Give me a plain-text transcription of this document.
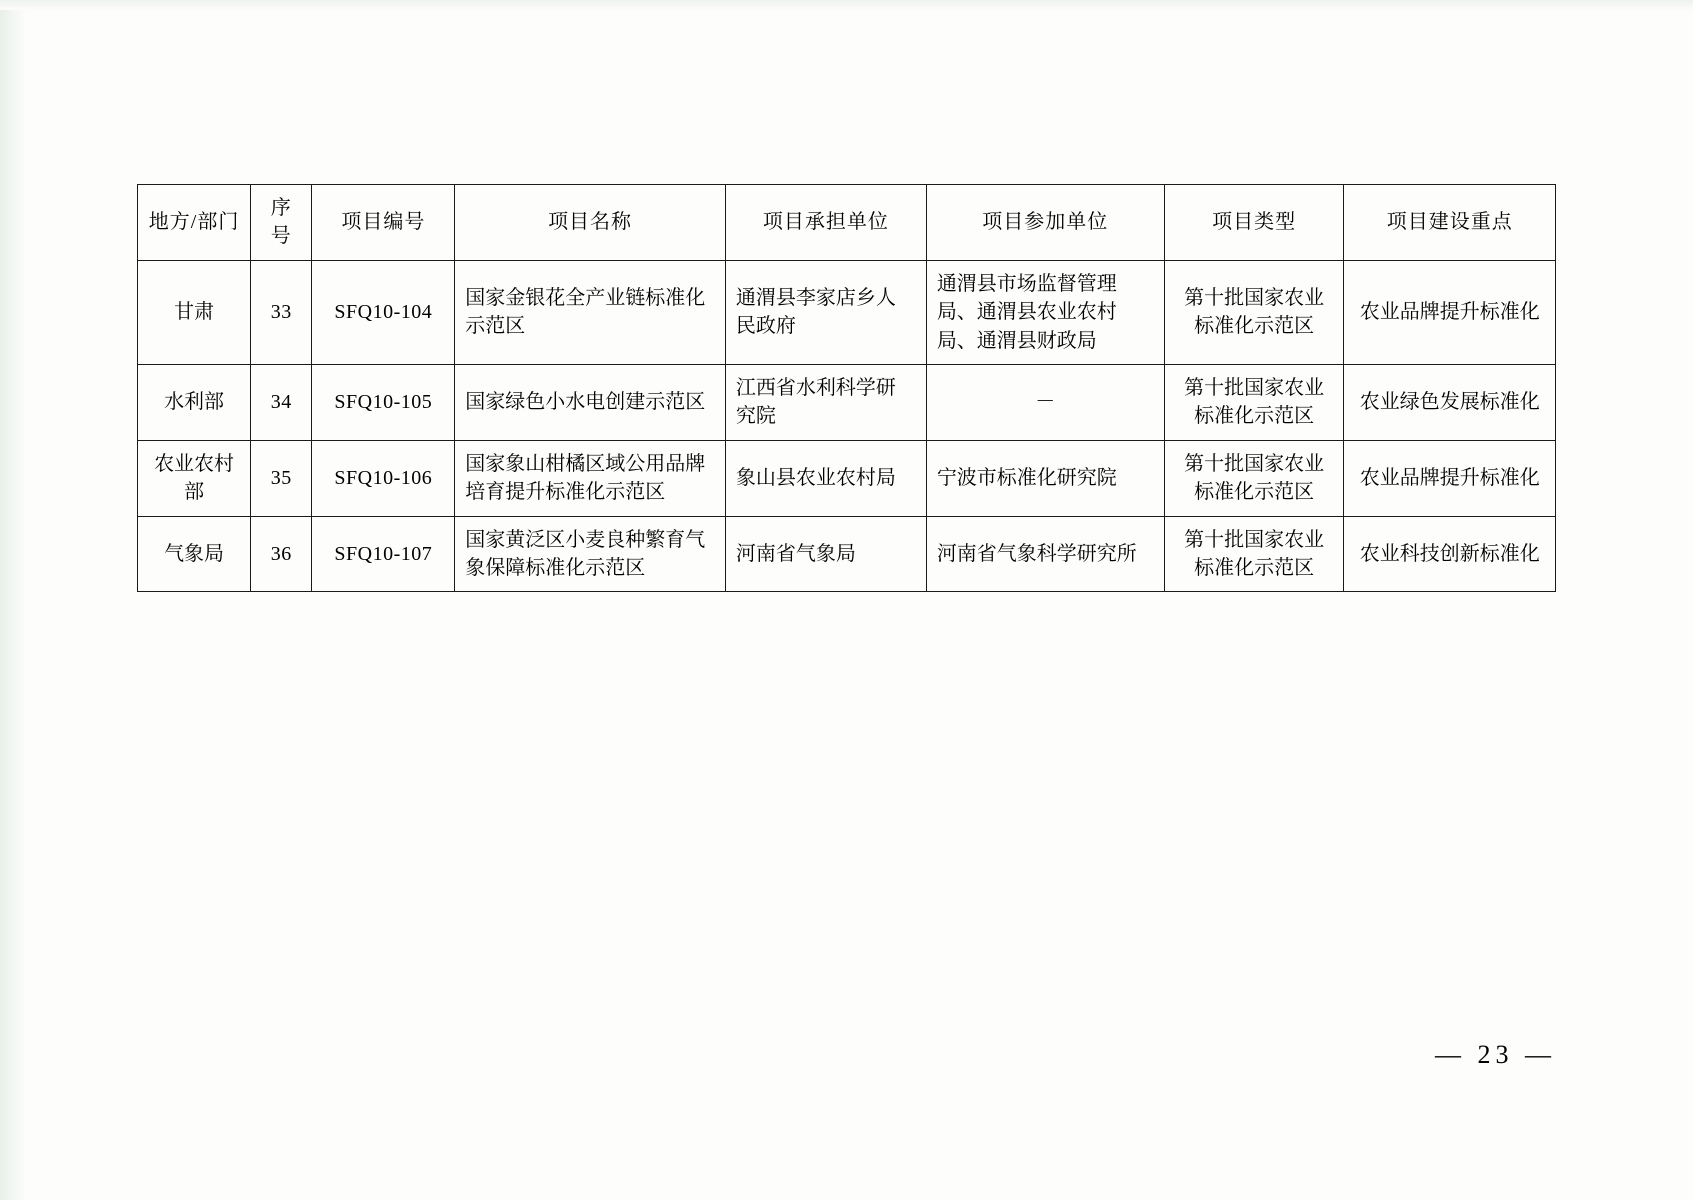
地方/部门	序号	项目编号	项目名称	项目承担单位	项目参加单位	项目类型	项目建设重点
甘肃	33	SFQ10-104	国家金银花全产业链标准化示范区	通渭县李家店乡人民政府	通渭县市场监督管理局、通渭县农业农村局、通渭县财政局	第十批国家农业标准化示范区	农业品牌提升标准化
水利部	34	SFQ10-105	国家绿色小水电创建示范区	江西省水利科学研究院	－	第十批国家农业标准化示范区	农业绿色发展标准化
农业农村部	35	SFQ10-106	国家象山柑橘区域公用品牌培育提升标准化示范区	象山县农业农村局	宁波市标准化研究院	第十批国家农业标准化示范区	农业品牌提升标准化
气象局	36	SFQ10-107	国家黄泛区小麦良种繁育气象保障标准化示范区	河南省气象局	河南省气象科学研究所	第十批国家农业标准化示范区	农业科技创新标准化
— 23 —
